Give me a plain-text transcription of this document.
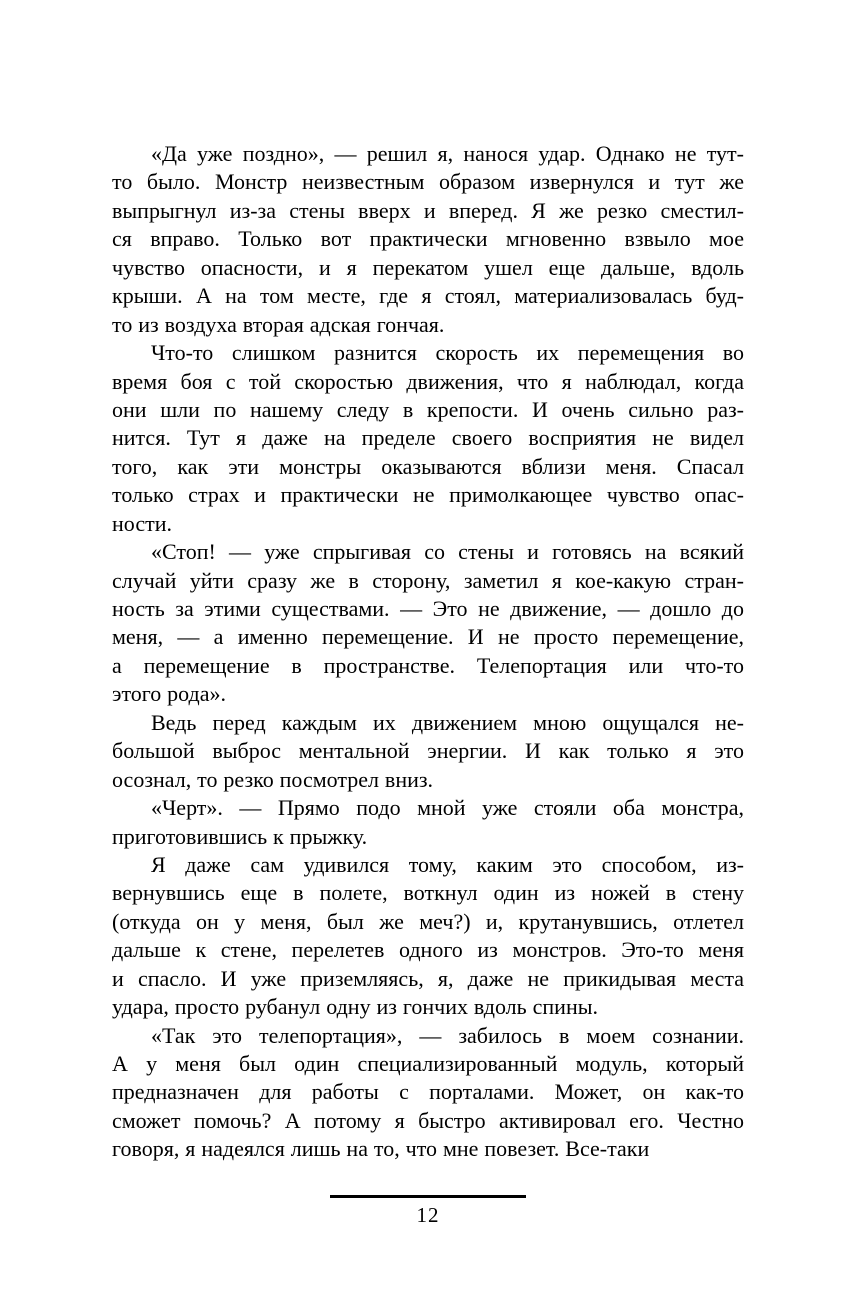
«Да уже поздно», — решил я, нанося удар. Однако не тут-
то было. Монстр неизвестным образом извернулся и тут же
выпрыгнул из-за стены вверх и вперед. Я же резко сместил-
ся вправо. Только вот практически мгновенно взвыло мое
чувство опасности, и я перекатом ушел еще дальше, вдоль
крыши. А на том месте, где я стоял, материализовалась буд-
то из воздуха вторая адская гончая.
Что-то слишком разнится скорость их перемещения во
время боя с той скоростью движения, что я наблюдал, когда
они шли по нашему следу в крепости. И очень сильно раз-
нится. Тут я даже на пределе своего восприятия не видел
того, как эти монстры оказываются вблизи меня. Спасал
только страх и практически не примолкающее чувство опас-
ности.
«Стоп! — уже спрыгивая со стены и готовясь на всякий
случай уйти сразу же в сторону, заметил я кое-какую стран-
ность за этими существами. — Это не движение, — дошло до
меня, — а именно перемещение. И не просто перемещение,
а перемещение в пространстве. Телепортация или что-то
этого рода».
Ведь перед каждым их движением мною ощущался не-
большой выброс ментальной энергии. И как только я это
осознал, то резко посмотрел вниз.
«Черт». — Прямо подо мной уже стояли оба монстра,
приготовившись к прыжку.
Я даже сам удивился тому, каким это способом, из-
вернувшись еще в полете, воткнул один из ножей в стену
(откуда он у меня, был же меч?) и, крутанувшись, отлетел
дальше к стене, перелетев одного из монстров. Это-то меня
и спасло. И уже приземляясь, я, даже не прикидывая места
удара, просто рубанул одну из гончих вдоль спины.
«Так это телепортация», — забилось в моем сознании.
А у меня был один специализированный модуль, который
предназначен для работы с порталами. Может, он как-то
сможет помочь? А потому я быстро активировал его. Честно
говоря, я надеялся лишь на то, что мне повезет. Все-таки
12
